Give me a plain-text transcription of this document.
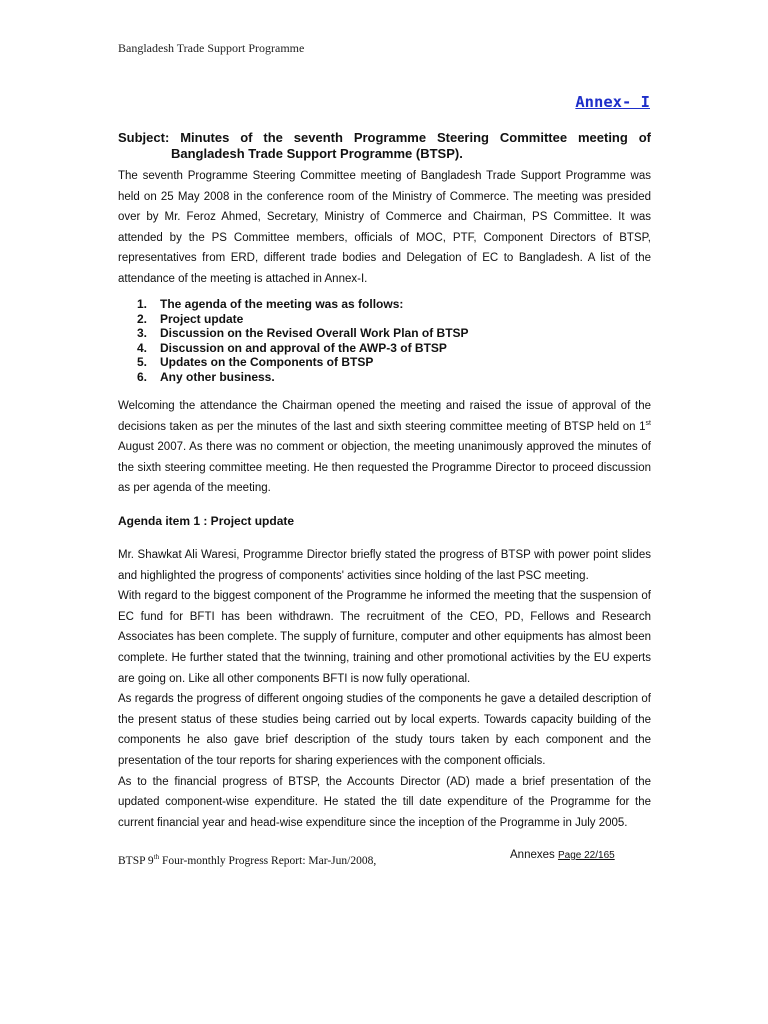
Bangladesh Trade Support Programme
Annex- I
Subject: Minutes of the seventh Programme Steering Committee meeting of
Bangladesh Trade Support Programme (BTSP).

The seventh Programme Steering Committee meeting of Bangladesh Trade Support Programme was held on 25 May 2008 in the conference room of the Ministry of Commerce. The meeting was presided over by Mr. Feroz Ahmed, Secretary, Ministry of Commerce and Chairman, PS Committee. It was attended by the PS Committee members, officials of MOC, PTF, Component Directors of BTSP, representatives from ERD, different trade bodies and Delegation of EC to Bangladesh. A list of the attendance of the meeting is attached in Annex-I.

1.	The agenda of the meeting was as follows:
2.	Project update
3.	Discussion on the Revised Overall Work Plan of BTSP
4.	Discussion on and approval of the AWP-3 of BTSP
5.	Updates on the Components of BTSP
6.	Any other business.

Welcoming the attendance the Chairman opened the meeting and raised the issue of approval of the decisions taken as per the minutes of the last and sixth steering committee meeting of BTSP held on 1st August 2007. As there was no comment or objection, the meeting unanimously approved the minutes of the sixth steering committee meeting. He then requested the Programme Director to proceed discussion as per agenda of the meeting.

Agenda item 1 : Project update

Mr. Shawkat Ali Waresi, Programme Director briefly stated the progress of BTSP with power point slides and highlighted the progress of components' activities since holding of the last PSC meeting.

With regard to the biggest component of the Programme he informed the meeting that the suspension of EC fund for BFTI has been withdrawn. The recruitment of the CEO, PD, Fellows and Research Associates has been complete. The supply of furniture, computer and other equipments has almost been complete. He further stated that the twinning, training and other promotional activities by the EU experts are going on. Like all other components BFTI is now fully operational.

As regards the progress of different ongoing studies of the components he gave a detailed description of the present status of these studies being carried out by local experts. Towards capacity building of the components he also gave brief description of the study tours taken by each component and the presentation of the tour reports for sharing experiences with the component officials.

As to the financial progress of BTSP, the Accounts Director (AD) made a brief presentation of the updated component-wise expenditure. He stated the till date expenditure of the Programme for the current financial year and head-wise expenditure since the inception of the Programme in July 2005.

BTSP 9th Four-monthly Progress Report: Mar-Jun/2008,	Annexes Page 22/165
